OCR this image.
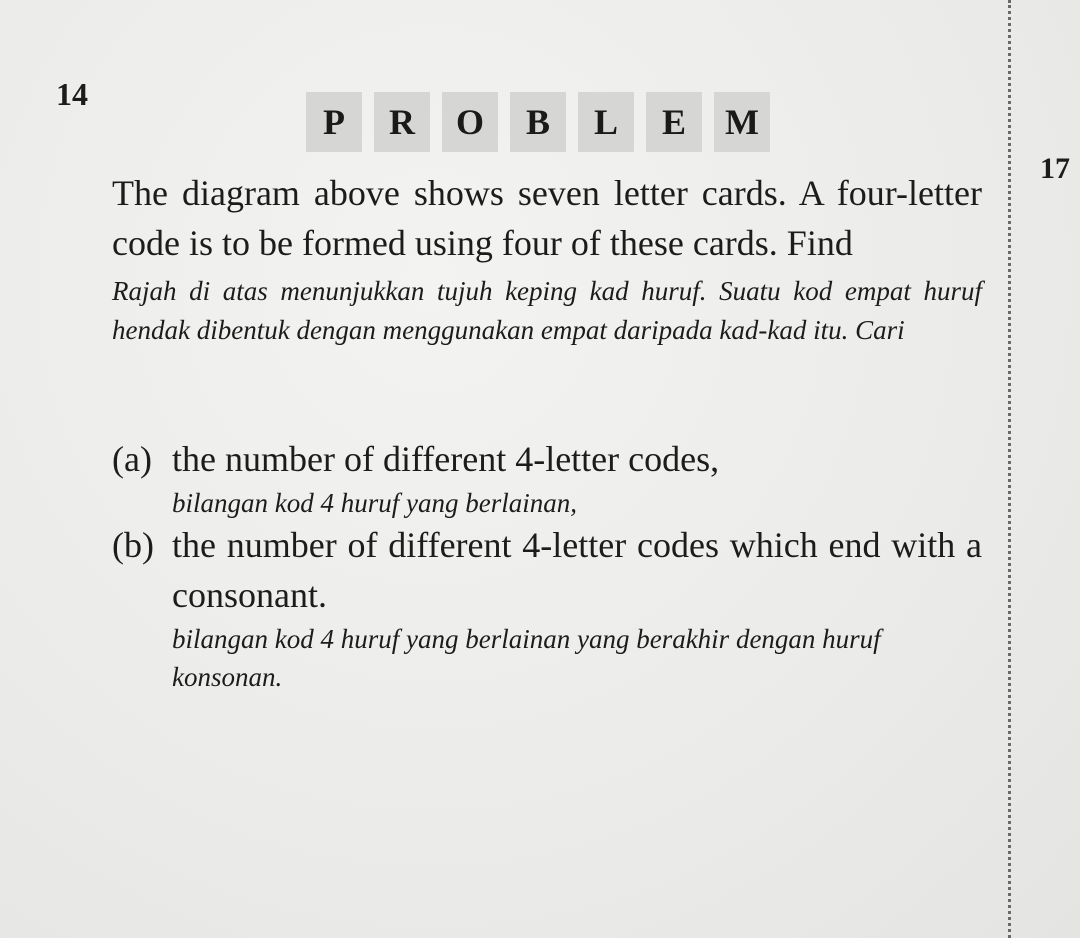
14
17
P	R	O	B	L	E	M
The diagram above shows seven letter cards. A four-letter code is to be formed using four of these cards. Find
Rajah di atas menunjukkan tujuh keping kad huruf. Suatu kod empat huruf hendak dibentuk dengan menggunakan empat daripada kad-kad itu. Cari
(a) the number of different 4-letter codes,
bilangan kod 4 huruf yang berlainan,
(b) the number of different 4-letter codes which end with a consonant.
bilangan kod 4 huruf yang berlainan yang berakhir dengan huruf konsonan.
